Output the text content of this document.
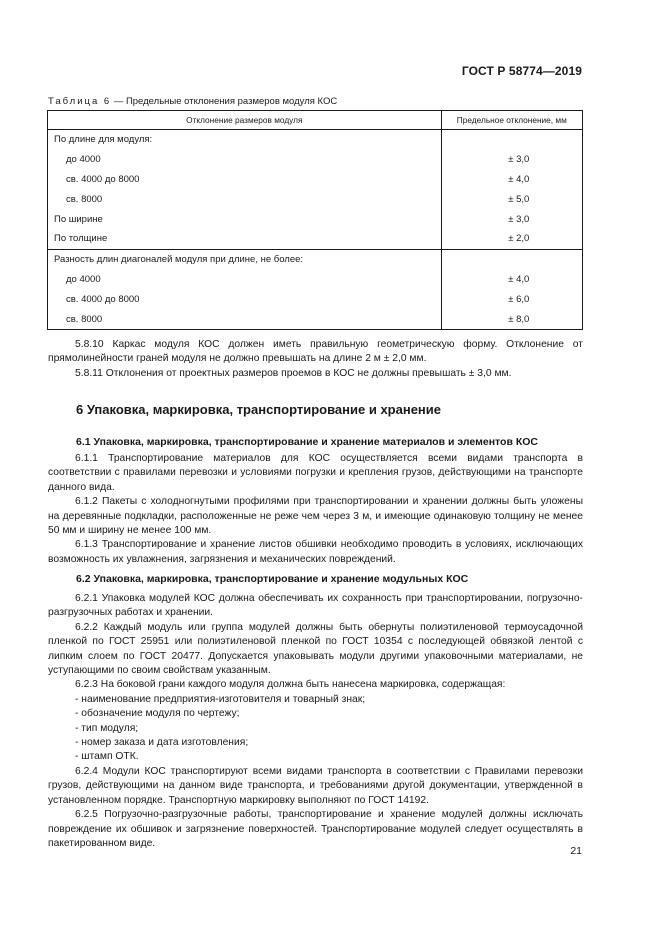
ГОСТ Р 58774—2019
Таблица 6 — Предельные отклонения размеров модуля КОС
Отклонение размеров модуля	Предельное отклонение, мм
По длине для модуля:	
до 4000	± 3,0
св. 4000 до 8000	± 4,0
св. 8000	± 5,0
По ширине	± 3,0
По толщине	± 2,0
Разность длин диагоналей модуля при длине, не более:	
до 4000	± 4,0
св. 4000 до 8000	± 6,0
св. 8000	± 8,0

5.8.10 Каркас модуля КОС должен иметь правильную геометрическую форму. Отклонение от прямолинейности граней модуля не должно превышать на длине 2 м ± 2,0 мм.

5.8.11 Отклонения от проектных размеров проемов в КОС не должны превышать ± 3,0 мм.

6 Упаковка, маркировка, транспортирование и хранение
6.1 Упаковка, маркировка, транспортирование и хранение материалов и элементов КОС

6.1.1 Транспортирование материалов для КОС осуществляется всеми видами транспорта в соответствии с правилами перевозки и условиями погрузки и крепления грузов, действующими на транспорте данного вида.

6.1.2 Пакеты с холодногнутыми профилями при транспортировании и хранении должны быть уложены на деревянные подкладки, расположенные не реже чем через 3 м, и имеющие одинаковую толщину не менее 50 мм и ширину не менее 100 мм.

6.1.3 Транспортирование и хранение листов обшивки необходимо проводить в условиях, исключающих возможность их увлажнения, загрязнения и механических повреждений.

6.2 Упаковка, маркировка, транспортирование и хранение модульных КОС

6.2.1 Упаковка модулей КОС должна обеспечивать их сохранность при транспортировании, погрузочно-разгрузочных работах и хранении.

6.2.2 Каждый модуль или группа модулей должны быть обернуты полиэтиленовой термоусадочной пленкой по ГОСТ 25951 или полиэтиленовой пленкой по ГОСТ 10354 с последующей обвязкой лентой с липким слоем по ГОСТ 20477. Допускается упаковывать модули другими упаковочными материалами, не уступающими по своим свойствам указанным.

6.2.3 На боковой грани каждого модуля должна быть нанесена маркировка, содержащая:

- наименование предприятия-изготовителя и товарный знак;

- обозначение модуля по чертежу;

- тип модуля;

- номер заказа и дата изготовления;

- штамп ОТК.

6.2.4 Модули КОС транспортируют всеми видами транспорта в соответствии с Правилами перевозки грузов, действующими на данном виде транспорта, и требованиями другой документации, утвержденной в установленном порядке. Транспортную маркировку выполняют по ГОСТ 14192.

6.2.5 Погрузочно-разгрузочные работы, транспортирование и хранение модулей должны исключать повреждение их обшивок и загрязнение поверхностей. Транспортирование модулей следует осуществлять в пакетированном виде.

21
